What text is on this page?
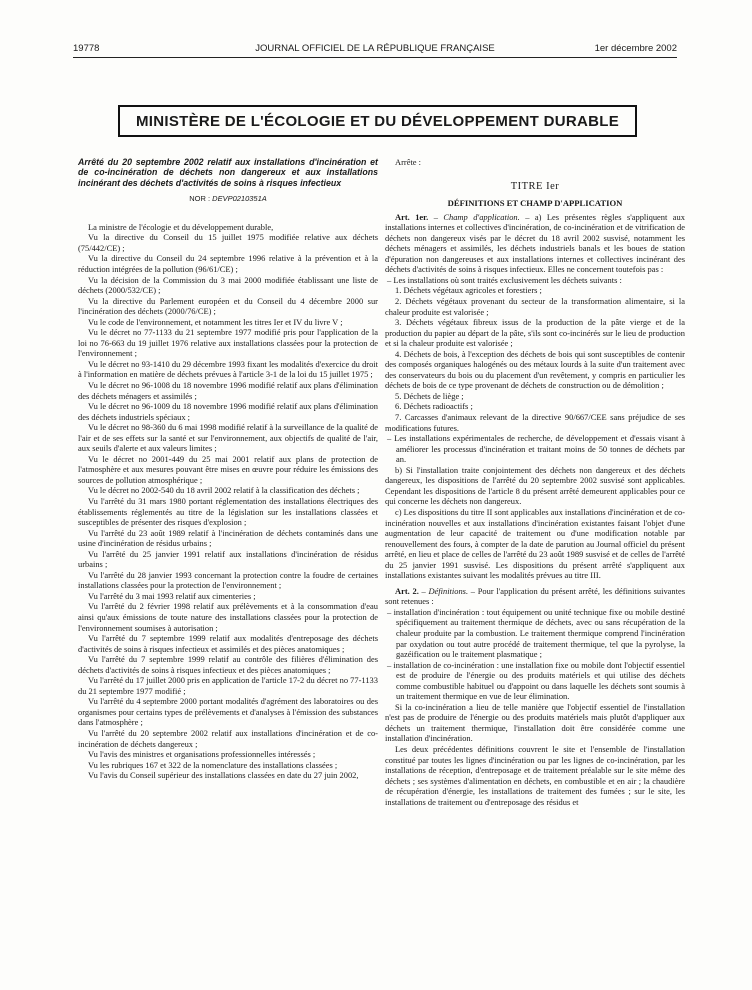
19778	JOURNAL OFFICIEL DE LA RÉPUBLIQUE FRANÇAISE	1er décembre 2002
MINISTÈRE DE L'ÉCOLOGIE ET DU DÉVELOPPEMENT DURABLE

Arrêté du 20 septembre 2002 relatif aux installations d'incinération et de co-incinération de déchets non dangereux et aux installations incinérant des déchets d'activités de soins à risques infectieux

NOR : DEVP0210351A

La ministre de l'écologie et du développement durable,

Vu la directive du Conseil du 15 juillet 1975 modifiée relative aux déchets (75/442/CE) ;

Vu la directive du Conseil du 24 septembre 1996 relative à la prévention et à la réduction intégrées de la pollution (96/61/CE) ;

Vu la décision de la Commission du 3 mai 2000 modifiée établissant une liste de déchets (2000/532/CE) ;

Vu la directive du Parlement européen et du Conseil du 4 décembre 2000 sur l'incinération des déchets (2000/76/CE) ;

Vu le code de l'environnement, et notamment les titres Ier et IV du livre V ;

Vu le décret no 77-1133 du 21 septembre 1977 modifié pris pour l'application de la loi no 76-663 du 19 juillet 1976 relative aux installations classées pour la protection de l'environnement ;

Vu le décret no 93-1410 du 29 décembre 1993 fixant les modalités d'exercice du droit à l'information en matière de déchets prévues à l'article 3-1 de la loi du 15 juillet 1975 ;

Vu le décret no 96-1008 du 18 novembre 1996 modifié relatif aux plans d'élimination des déchets ménagers et assimilés ;

Vu le décret no 96-1009 du 18 novembre 1996 modifié relatif aux plans d'élimination des déchets industriels spéciaux ;

Vu le décret no 98-360 du 6 mai 1998 modifié relatif à la surveillance de la qualité de l'air et de ses effets sur la santé et sur l'environnement, aux objectifs de qualité de l'air, aux seuils d'alerte et aux valeurs limites ;

Vu le décret no 2001-449 du 25 mai 2001 relatif aux plans de protection de l'atmosphère et aux mesures pouvant être mises en œuvre pour réduire les émissions des sources de pollution atmosphérique ;

Vu le décret no 2002-540 du 18 avril 2002 relatif à la classification des déchets ;

Vu l'arrêté du 31 mars 1980 portant réglementation des installations électriques des établissements réglementés au titre de la législation sur les installations classées et susceptibles de présenter des risques d'explosion ;

Vu l'arrêté du 23 août 1989 relatif à l'incinération de déchets contaminés dans une usine d'incinération de résidus urbains ;

Vu l'arrêté du 25 janvier 1991 relatif aux installations d'incinération de résidus urbains ;

Vu l'arrêté du 28 janvier 1993 concernant la protection contre la foudre de certaines installations classées pour la protection de l'environnement ;

Vu l'arrêté du 3 mai 1993 relatif aux cimenteries ;

Vu l'arrêté du 2 février 1998 relatif aux prélèvements et à la consommation d'eau ainsi qu'aux émissions de toute nature des installations classées pour la protection de l'environnement soumises à autorisation ;

Vu l'arrêté du 7 septembre 1999 relatif aux modalités d'entreposage des déchets d'activités de soins à risques infectieux et assimilés et des pièces anatomiques ;

Vu l'arrêté du 7 septembre 1999 relatif au contrôle des filières d'élimination des déchets d'activités de soins à risques infectieux et des pièces anatomiques ;

Vu l'arrêté du 17 juillet 2000 pris en application de l'article 17-2 du décret no 77-1133 du 21 septembre 1977 modifié ;

Vu l'arrêté du 4 septembre 2000 portant modalités d'agrément des laboratoires ou des organismes pour certains types de prélèvements et d'analyses à l'émission des substances dans l'atmosphère ;

Vu l'arrêté du 20 septembre 2002 relatif aux installations d'incinération et de co-incinération de déchets dangereux ;

Vu l'avis des ministres et organisations professionnelles intéressés ;

Vu les rubriques 167 et 322 de la nomenclature des installations classées ;

Vu l'avis du Conseil supérieur des installations classées en date du 27 juin 2002,

Arrête :

TITRE Ier

DÉFINITIONS ET CHAMP D'APPLICATION

Art. 1er. – Champ d'application. – a) Les présentes règles s'appliquent aux installations internes et collectives d'incinération, de co-incinération et de vitrification de déchets non dangereux visés par le décret du 18 avril 2002 susvisé, notamment les déchets ménagers et assimilés, les déchets industriels banals et les boues de station d'épuration non dangereuses et aux installations internes et collectives incinérant des déchets d'activités de soins à risques infectieux. Elles ne concernent toutefois pas :

– Les installations où sont traités exclusivement les déchets suivants :

1. Déchets végétaux agricoles et forestiers ;

2. Déchets végétaux provenant du secteur de la transformation alimentaire, si la chaleur produite est valorisée ;

3. Déchets végétaux fibreux issus de la production de la pâte vierge et de la production du papier au départ de la pâte, s'ils sont co-incinérés sur le lieu de production et si la chaleur produite est valorisée ;

4. Déchets de bois, à l'exception des déchets de bois qui sont susceptibles de contenir des composés organiques halogénés ou des métaux lourds à la suite d'un traitement avec des conservateurs du bois ou du placement d'un revêtement, y compris en particulier les déchets de bois de ce type provenant de déchets de construction ou de démolition ;

5. Déchets de liège ;

6. Déchets radioactifs ;

7. Carcasses d'animaux relevant de la directive 90/667/CEE sans préjudice de ses modifications futures.

– Les installations expérimentales de recherche, de développement et d'essais visant à améliorer les processus d'incinération et traitant moins de 50 tonnes de déchets par an.

b) Si l'installation traite conjointement des déchets non dangereux et des déchets dangereux, les dispositions de l'arrêté du 20 septembre 2002 susvisé sont applicables. Cependant les dispositions de l'article 8 du présent arrêté demeurent applicables pour ce qui concerne les déchets non dangereux.

c) Les dispositions du titre II sont applicables aux installations d'incinération et de co-incinération nouvelles et aux installations d'incinération existantes faisant l'objet d'une augmentation de leur capacité de traitement ou d'une modification notable par renouvellement des fours, à compter de la date de parution au Journal officiel du présent arrêté, en lieu et place de celles de l'arrêté du 23 août 1989 susvisé et de celles de l'arrêté du 25 janvier 1991 susvisé. Les dispositions du présent arrêté s'appliquent aux installations existantes suivant les modalités prévues au titre III.

Art. 2. – Définitions. – Pour l'application du présent arrêté, les définitions suivantes sont retenues :

– installation d'incinération : tout équipement ou unité technique fixe ou mobile destiné spécifiquement au traitement thermique de déchets, avec ou sans récupération de la chaleur produite par la combustion. Le traitement thermique comprend l'incinération par oxydation ou tout autre procédé de traitement thermique, tel que la pyrolyse, la gazéification ou le traitement plasmatique ;

– installation de co-incinération : une installation fixe ou mobile dont l'objectif essentiel est de produire de l'énergie ou des produits matériels et qui utilise des déchets comme combustible habituel ou d'appoint ou dans laquelle les déchets sont soumis à un traitement thermique en vue de leur élimination.

Si la co-incinération a lieu de telle manière que l'objectif essentiel de l'installation n'est pas de produire de l'énergie ou des produits matériels mais plutôt d'appliquer aux déchets un traitement thermique, l'installation doit être considérée comme une installation d'incinération.

Les deux précédentes définitions couvrent le site et l'ensemble de l'installation constitué par toutes les lignes d'incinération ou par les lignes de co-incinération, par les installations de réception, d'entreposage et de traitement préalable sur le site même des déchets ; ses systèmes d'alimentation en déchets, en combustible et en air ; la chaudière de récupération d'énergie, les installations de traitement des fumées ; sur le site, les installations de traitement ou d'entreposage des résidus et
